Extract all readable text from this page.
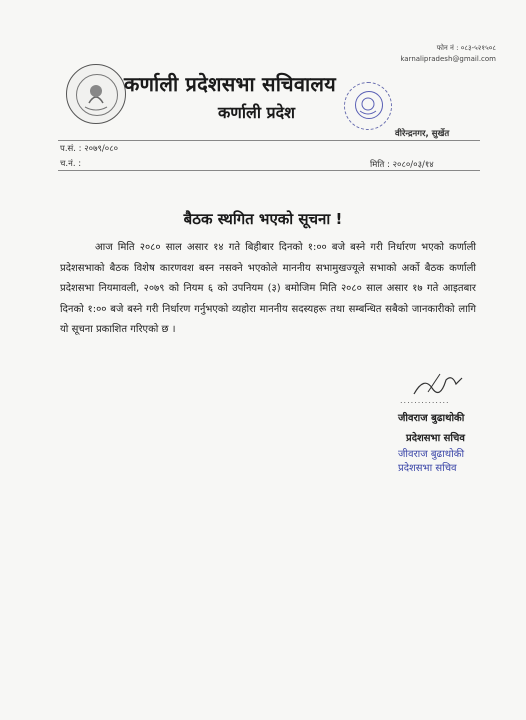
फोन नं : ०८३-५२१५०८
karnalipradesh@gmail.com
कर्णाली प्रदेशसभा सचिवालय
कर्णाली प्रदेश
वीरेन्द्रनगर, सुर्खेत
प.सं. : २०७९/०८०
च.नं. :	मिति : २०८०/०३/१४
बैठक स्थगित भएको सूचना !
आज मिति २०८० साल असार १४ गते बिहीबार दिनको १:०० बजे बस्ने गरी निर्धारण भएको कर्णाली प्रदेशसभाको बैठक विशेष कारणवश बस्न नसक्ने भएकोले माननीय सभामुखज्यूले सभाको अर्को बैठक कर्णाली प्रदेशसभा नियमावली, २०७९ को नियम ६ को उपनियम (३) बमोजिम मिति २०८० साल असार १७ गते आइतबार दिनको १:०० बजे बस्ने गरी निर्धारण गर्नुभएको व्यहोरा माननीय सदस्यहरू तथा सम्बन्धित सबैको जानकारीको लागि यो सूचना प्रकाशित गरिएको छ ।
..............
जीवराज बुढाथोकी
प्रदेशसभा सचिव
जीवराज बुढाथोकी
प्रदेशसभा सचिव
